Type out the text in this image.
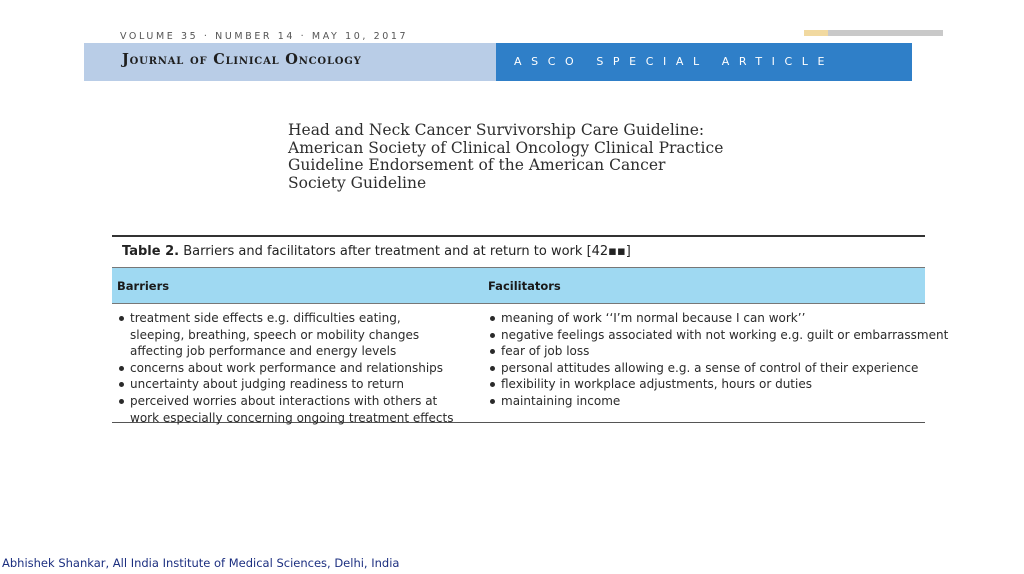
VOLUME 35 · NUMBER 14 · MAY 10, 2017
Journal of Clinical Oncology	ASCO SPECIAL ARTICLE
Head and Neck Cancer Survivorship Care Guideline:
American Society of Clinical Oncology Clinical Practice
Guideline Endorsement of the American Cancer
Society Guideline
Table 2. Barriers and facilitators after treatment and at return to work [42▪▪]
Barriers	Facilitators
treatment side effects e.g. difficulties eating, sleeping, breathing, speech or mobility changes affecting job performance and energy levels
concerns about work performance and relationships
uncertainty about judging readiness to return
perceived worries about interactions with others at work especially concerning ongoing treatment effects
meaning of work ‘‘I’m normal because I can work’’
negative feelings associated with not working e.g. guilt or embarrassment
fear of job loss
personal attitudes allowing e.g. a sense of control of their experience
flexibility in workplace adjustments, hours or duties
maintaining income
Abhishek Shankar, All India Institute of Medical Sciences, Delhi, India
